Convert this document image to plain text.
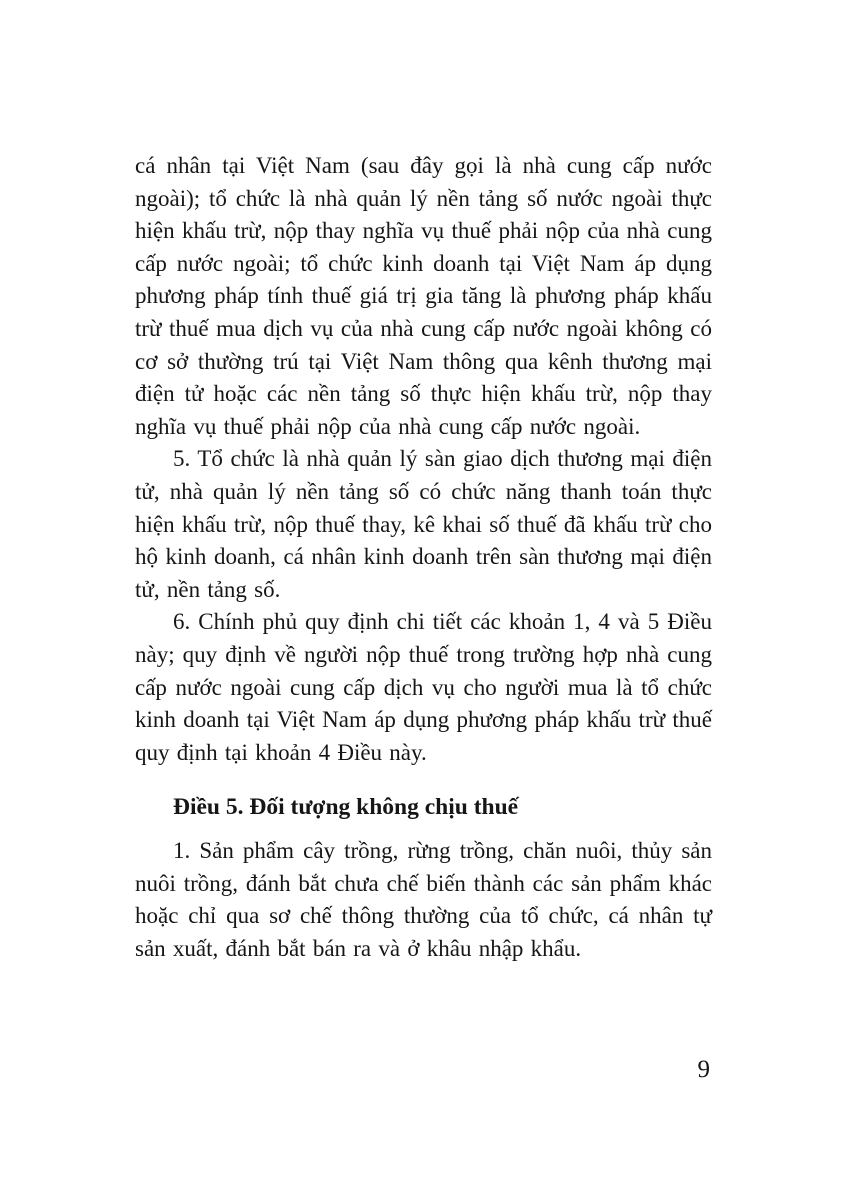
cá nhân tại Việt Nam (sau đây gọi là nhà cung cấp nước ngoài); tổ chức là nhà quản lý nền tảng số nước ngoài thực hiện khấu trừ, nộp thay nghĩa vụ thuế phải nộp của nhà cung cấp nước ngoài; tổ chức kinh doanh tại Việt Nam áp dụng phương pháp tính thuế giá trị gia tăng là phương pháp khấu trừ thuế mua dịch vụ của nhà cung cấp nước ngoài không có cơ sở thường trú tại Việt Nam thông qua kênh thương mại điện tử hoặc các nền tảng số thực hiện khấu trừ, nộp thay nghĩa vụ thuế phải nộp của nhà cung cấp nước ngoài.

5. Tổ chức là nhà quản lý sàn giao dịch thương mại điện tử, nhà quản lý nền tảng số có chức năng thanh toán thực hiện khấu trừ, nộp thuế thay, kê khai số thuế đã khấu trừ cho hộ kinh doanh, cá nhân kinh doanh trên sàn thương mại điện tử, nền tảng số.

6. Chính phủ quy định chi tiết các khoản 1, 4 và 5 Điều này; quy định về người nộp thuế trong trường hợp nhà cung cấp nước ngoài cung cấp dịch vụ cho người mua là tổ chức kinh doanh tại Việt Nam áp dụng phương pháp khấu trừ thuế quy định tại khoản 4 Điều này.

Điều 5. Đối tượng không chịu thuế

1. Sản phẩm cây trồng, rừng trồng, chăn nuôi, thủy sản nuôi trồng, đánh bắt chưa chế biến thành các sản phẩm khác hoặc chỉ qua sơ chế thông thường của tổ chức, cá nhân tự sản xuất, đánh bắt bán ra và ở khâu nhập khẩu.

9
